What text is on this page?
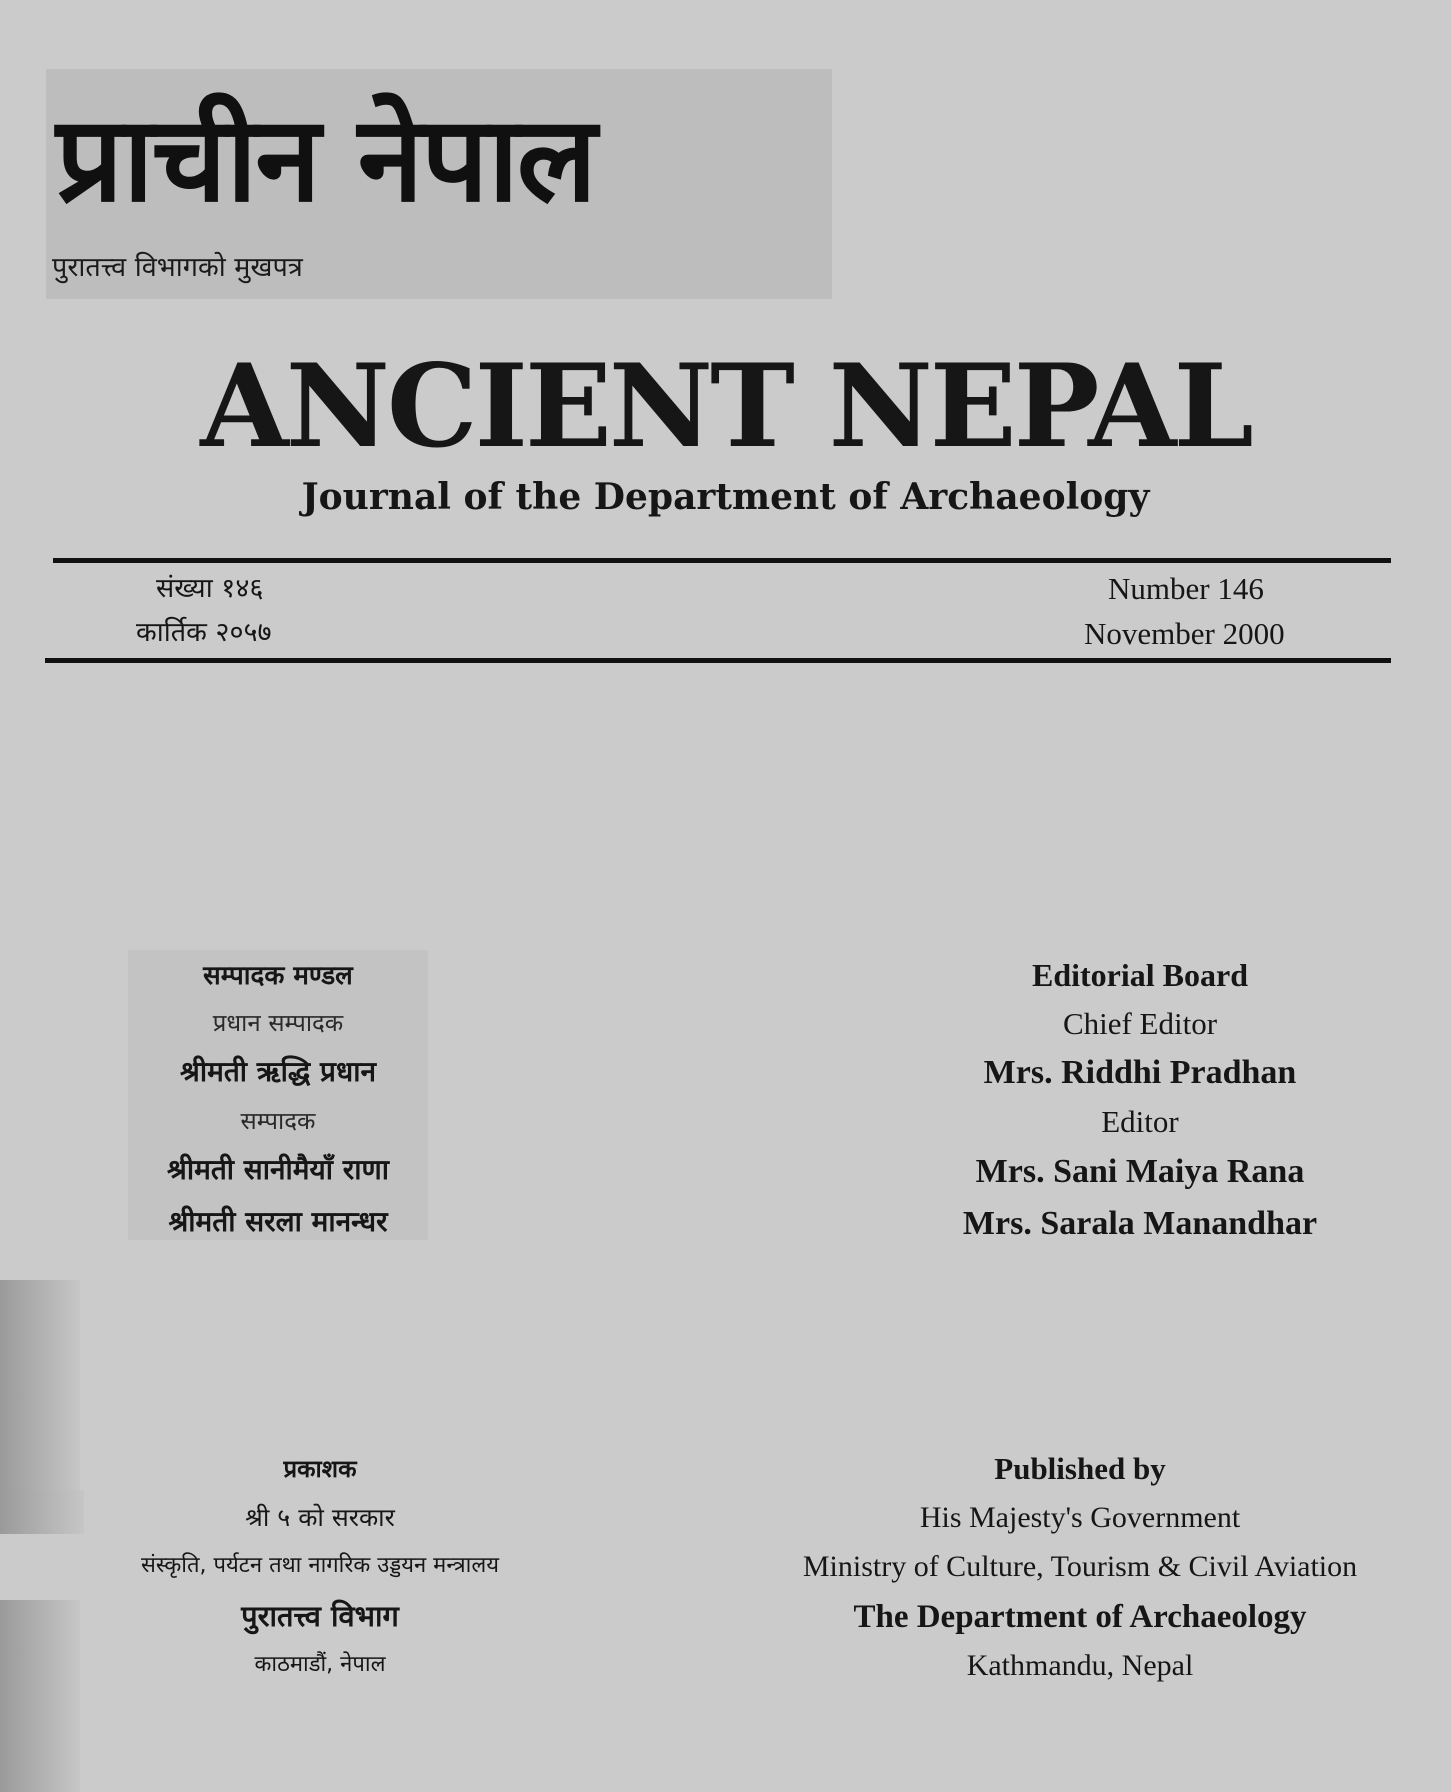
प्राचीन नेपाल
पुरातत्त्व विभागको मुखपत्र
ANCIENT NEPAL
Journal of the Department of Archaeology
संख्या १४६
कार्तिक २०५७
Number 146
November 2000
सम्पादक मण्डल
प्रधान सम्पादक
श्रीमती ऋद्धि प्रधान
सम्पादक
श्रीमती सानीमैयाँ राणा
श्रीमती सरला मानन्धर
Editorial Board
Chief Editor
Mrs. Riddhi Pradhan
Editor
Mrs. Sani Maiya Rana
Mrs. Sarala Manandhar
प्रकाशक
श्री ५ को सरकार
संस्कृति, पर्यटन तथा नागरिक उड्डयन मन्त्रालय
पुरातत्त्व विभाग
काठमाडौं, नेपाल
Published by
His Majesty's Government
Ministry of Culture, Tourism & Civil Aviation
The Department of Archaeology
Kathmandu, Nepal
